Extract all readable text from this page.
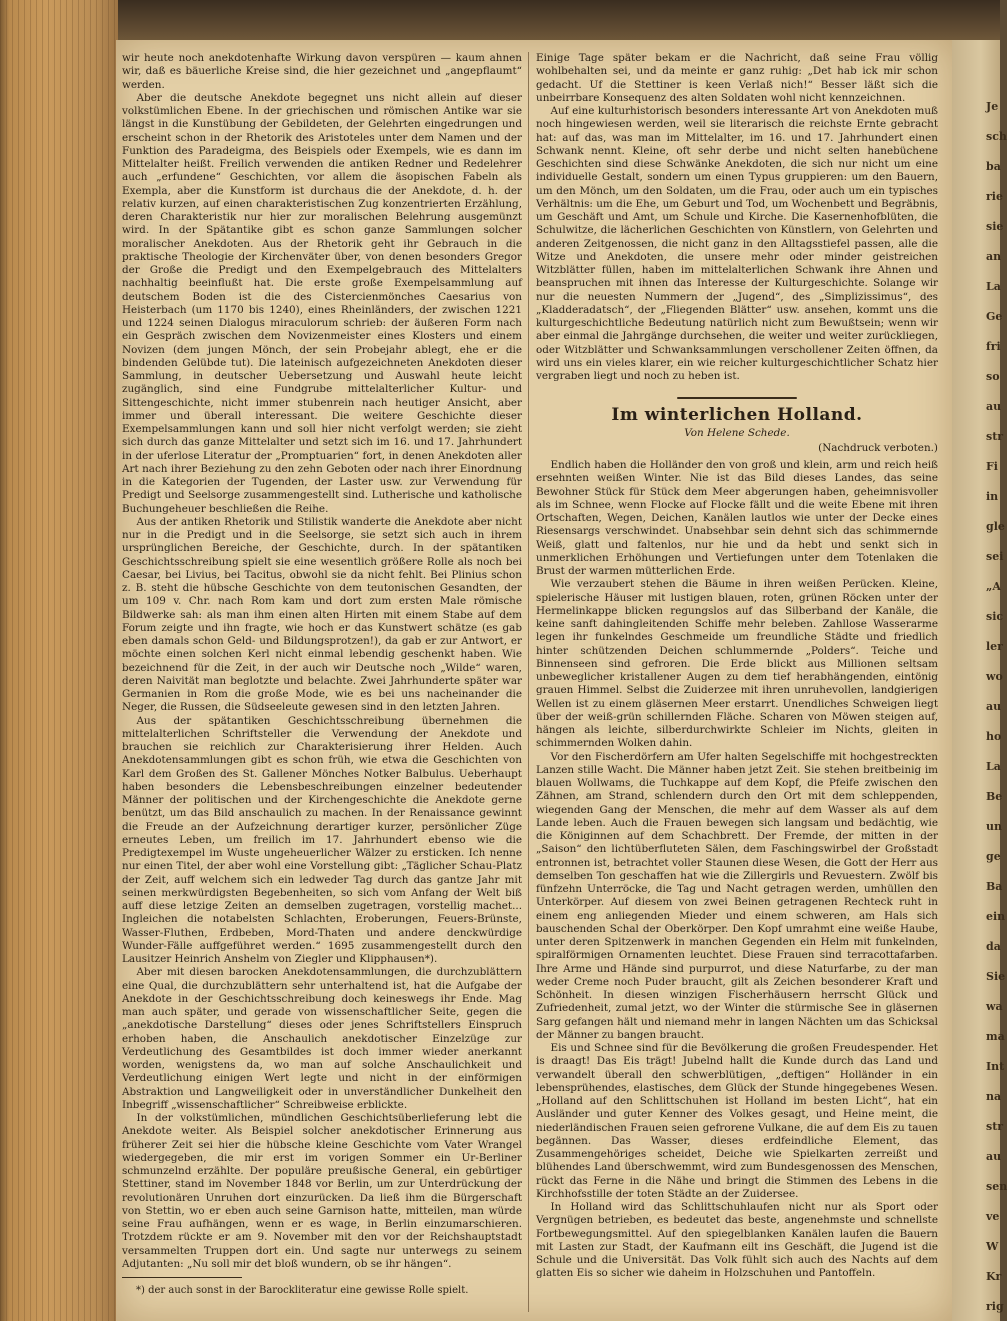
wir heute noch anekdotenhafte Wirkung davon verspüren — kaum ahnen wir, daß es bäuerliche Kreise sind, die hier gezeichnet und „angepflaumt“ werden.

Aber die deutsche Anekdote begegnet uns nicht allein auf dieser volkstümlichen Ebene. In der griechischen und römischen Antike war sie längst in die Kunstübung der Gebildeten, der Gelehrten eingedrungen und erscheint schon in der Rhetorik des Aristoteles unter dem Namen und der Funktion des Paradeigma, des Beispiels oder Exempels, wie es dann im Mittelalter heißt. Freilich verwenden die antiken Redner und Redelehrer auch „erfundene“ Geschichten, vor allem die äsopischen Fabeln als Exempla, aber die Kunstform ist durchaus die der Anekdote, d. h. der relativ kurzen, auf einen charakteristischen Zug konzentrierten Erzählung, deren Charakteristik nur hier zur moralischen Belehrung ausgemünzt wird. In der Spätantike gibt es schon ganze Sammlungen solcher moralischer Anekdoten. Aus der Rhetorik geht ihr Gebrauch in die praktische Theologie der Kirchenväter über, von denen besonders Gregor der Große die Predigt und den Exempelgebrauch des Mittelalters nachhaltig beeinflußt hat. Die erste große Exempelsammlung auf deutschem Boden ist die des Cistercienmönches Caesarius von Heisterbach (um 1170 bis 1240), eines Rheinländers, der zwischen 1221 und 1224 seinen Dialogus miraculorum schrieb: der äußeren Form nach ein Gespräch zwischen dem Novizenmeister eines Klosters und einem Novizen (dem jungen Mönch, der sein Probejahr ablegt, ehe er die bindenden Gelübde tut). Die lateinisch aufgezeichneten Anekdoten dieser Sammlung, in deutscher Uebersetzung und Auswahl heute leicht zugänglich, sind eine Fundgrube mittelalterlicher Kultur- und Sittengeschichte, nicht immer stubenrein nach heutiger Ansicht, aber immer und überall interessant. Die weitere Geschichte dieser Exempelsammlungen kann und soll hier nicht verfolgt werden; sie zieht sich durch das ganze Mittelalter und setzt sich im 16. und 17. Jahrhundert in der uferlose Literatur der „Promptuarien“ fort, in denen Anekdoten aller Art nach ihrer Beziehung zu den zehn Geboten oder nach ihrer Einordnung in die Kategorien der Tugenden, der Laster usw. zur Verwendung für Predigt und Seelsorge zusammengestellt sind. Lutherische und katholische Buchungeheuer beschließen die Reihe.

Aus der antiken Rhetorik und Stilistik wanderte die Anekdote aber nicht nur in die Predigt und in die Seelsorge, sie setzt sich auch in ihrem ursprünglichen Bereiche, der Geschichte, durch. In der spätantiken Geschichtsschreibung spielt sie eine wesentlich größere Rolle als noch bei Caesar, bei Livius, bei Tacitus, obwohl sie da nicht fehlt. Bei Plinius schon z. B. steht die hübsche Geschichte von dem teutonischen Gesandten, der um 109 v. Chr. nach Rom kam und dort zum ersten Male römische Bildwerke sah: als man ihm einen alten Hirten mit einem Stabe auf dem Forum zeigte und ihn fragte, wie hoch er das Kunstwert schätze (es gab eben damals schon Geld- und Bildungsprotzen!), da gab er zur Antwort, er möchte einen solchen Kerl nicht einmal lebendig geschenkt haben. Wie bezeichnend für die Zeit, in der auch wir Deutsche noch „Wilde“ waren, deren Naivität man beglotzte und belachte. Zwei Jahrhunderte später war Germanien in Rom die große Mode, wie es bei uns nacheinander die Neger, die Russen, die Südseeleute gewesen sind in den letzten Jahren.

Aus der spätantiken Geschichtsschreibung übernehmen die mittelalterlichen Schriftsteller die Verwendung der Anekdote und brauchen sie reichlich zur Charakterisierung ihrer Helden. Auch Anekdotensammlungen gibt es schon früh, wie etwa die Geschichten von Karl dem Großen des St. Gallener Mönches Notker Balbulus. Ueberhaupt haben besonders die Lebensbeschreibungen einzelner bedeutender Männer der politischen und der Kirchengeschichte die Anekdote gerne benützt, um das Bild anschaulich zu machen. In der Renaissance gewinnt die Freude an der Aufzeichnung derartiger kurzer, persönlicher Züge erneutes Leben, um freilich im 17. Jahrhundert ebenso wie die Predigtexempel im Wuste ungeheuerlicher Wälzer zu ersticken. Ich nenne nur einen Titel, der aber wohl eine Vorstellung gibt: „Täglicher Schau-Platz der Zeit, auff welchem sich ein ledweder Tag durch das gantze Jahr mit seinen merkwürdigsten Begebenheiten, so sich vom Anfang der Welt biß auff diese letzige Zeiten an demselben zugetragen, vorstellig machet... Ingleichen die notabelsten Schlachten, Eroberungen, Feuers-Brünste, Wasser-Fluthen, Erdbeben, Mord-Thaten und andere denckwürdige Wunder-Fälle auffgeführet werden.“ 1695 zusammengestellt durch den Lausitzer Heinrich Anshelm von Ziegler und Klipphausen*).

Aber mit diesen barocken Anekdotensammlungen, die durchzublättern eine Qual, die durchzublättern sehr unterhaltend ist, hat die Aufgabe der Anekdote in der Geschichtsschreibung doch keineswegs ihr Ende. Mag man auch später, und gerade von wissenschaftlicher Seite, gegen die „anekdotische Darstellung“ dieses oder jenes Schriftstellers Einspruch erhoben haben, die Anschaulich anekdotischer Einzelzüge zur Verdeutlichung des Gesamtbildes ist doch immer wieder anerkannt worden, wenigstens da, wo man auf solche Anschaulichkeit und Verdeutlichung einigen Wert legte und nicht in der einförmigen Abstraktion und Langweiligkeit oder in unverständlicher Dunkelheit den Inbegriff „wissenschaftlicher“ Schreibweise erblickte.

In der volkstümlichen, mündlichen Geschichtsüberlieferung lebt die Anekdote weiter. Als Beispiel solcher anekdotischer Erinnerung aus früherer Zeit sei hier die hübsche kleine Geschichte vom Vater Wrangel wiedergegeben, die mir erst im vorigen Sommer ein Ur-Berliner schmunzelnd erzählte. Der populäre preußische General, ein gebürtiger Stettiner, stand im November 1848 vor Berlin, um zur Unterdrückung der revolutionären Unruhen dort einzurücken. Da ließ ihm die Bürgerschaft von Stettin, wo er eben auch seine Garnison hatte, mitteilen, man würde seine Frau aufhängen, wenn er es wage, in Berlin einzumarschieren. Trotzdem rückte er am 9. November mit den vor der Reichshauptstadt versammelten Truppen dort ein. Und sagte nur unterwegs zu seinem Adjutanten: „Nu soll mir det bloß wundern, ob se ihr hängen“.

*) der auch sonst in der Barockliteratur eine gewisse Rolle spielt.

Einige Tage später bekam er die Nachricht, daß seine Frau völlig wohlbehalten sei, und da meinte er ganz ruhig: „Det hab ick mir schon gedacht. Uf die Stettiner is keen Verlaß nich!“ Besser läßt sich die unbeirrbare Konsequenz des alten Soldaten wohl nicht kennzeichnen.

Auf eine kulturhistorisch besonders interessante Art von Anekdoten muß noch hingewiesen werden, weil sie literarisch die reichste Ernte gebracht hat: auf das, was man im Mittelalter, im 16. und 17. Jahrhundert einen Schwank nennt. Kleine, oft sehr derbe und nicht selten hanebüchene Geschichten sind diese Schwänke Anekdoten, die sich nur nicht um eine individuelle Gestalt, sondern um einen Typus gruppieren: um den Bauern, um den Mönch, um den Soldaten, um die Frau, oder auch um ein typisches Verhältnis: um die Ehe, um Geburt und Tod, um Wochenbett und Begräbnis, um Geschäft und Amt, um Schule und Kirche. Die Kasernenhofblüten, die Schulwitze, die lächerlichen Geschichten von Künstlern, von Gelehrten und anderen Zeitgenossen, die nicht ganz in den Alltagsstiefel passen, alle die Witze und Anekdoten, die unsere mehr oder minder geistreichen Witzblätter füllen, haben im mittelalterlichen Schwank ihre Ahnen und beanspruchen mit ihnen das Interesse der Kulturgeschichte. Solange wir nur die neuesten Nummern der „Jugend“, des „Simplizissimus“, des „Kladderadatsch“, der „Fliegenden Blätter“ usw. ansehen, kommt uns die kulturgeschichtliche Bedeutung natürlich nicht zum Bewußtsein; wenn wir aber einmal die Jahrgänge durchsehen, die weiter und weiter zurückliegen, oder Witzblätter und Schwanksammlungen verschollener Zeiten öffnen, da wird uns ein vieles klarer, ein wie reicher kulturgeschichtlicher Schatz hier vergraben liegt und noch zu heben ist.

Im winterlichen Holland.
Von Helene Schede.
(Nachdruck verboten.)

Endlich haben die Holländer den von groß und klein, arm und reich heiß ersehnten weißen Winter. Nie ist das Bild dieses Landes, das seine Bewohner Stück für Stück dem Meer abgerungen haben, geheimnisvoller als im Schnee, wenn Flocke auf Flocke fällt und die weite Ebene mit ihren Ortschaften, Wegen, Deichen, Kanälen lautlos wie unter der Decke eines Riesensargs verschwindet. Unabsehbar sein dehnt sich das schimmernde Weiß, glatt und faltenlos, nur hie und da hebt und senkt sich in unmerklichen Erhöhungen und Vertiefungen unter dem Totenlaken die Brust der warmen mütterlichen Erde.

Wie verzaubert stehen die Bäume in ihren weißen Perücken. Kleine, spielerische Häuser mit lustigen blauen, roten, grünen Röcken unter der Hermelinkappe blicken regungslos auf das Silberband der Kanäle, die keine sanft dahingleitenden Schiffe mehr beleben. Zahllose Wasserarme legen ihr funkelndes Geschmeide um freundliche Städte und friedlich hinter schützenden Deichen schlummernde „Polders“. Teiche und Binnenseen sind gefroren. Die Erde blickt aus Millionen seltsam unbeweglicher kristallener Augen zu dem tief herabhängenden, eintönig grauen Himmel. Selbst die Zuiderzee mit ihren unruhevollen, landgierigen Wellen ist zu einem gläsernen Meer erstarrt. Unendliches Schweigen liegt über der weiß-grün schillernden Fläche. Scharen von Möwen steigen auf, hängen als leichte, silberdurchwirkte Schleier im Nichts, gleiten in schimmernden Wolken dahin.

Vor den Fischerdörfern am Ufer halten Segelschiffe mit hochgestreckten Lanzen stille Wacht. Die Männer haben jetzt Zeit. Sie stehen breitbeinig im blauen Wollwams, die Tuchkappe auf dem Kopf, die Pfeife zwischen den Zähnen, am Strand, schlendern durch den Ort mit dem schleppenden, wiegenden Gang der Menschen, die mehr auf dem Wasser als auf dem Lande leben. Auch die Frauen bewegen sich langsam und bedächtig, wie die Königinnen auf dem Schachbrett. Der Fremde, der mitten in der „Saison“ den lichtüberfluteten Sälen, dem Faschingswirbel der Großstadt entronnen ist, betrachtet voller Staunen diese Wesen, die Gott der Herr aus demselben Ton geschaffen hat wie die Zillergirls und Revuestern. Zwölf bis fünfzehn Unterröcke, die Tag und Nacht getragen werden, umhüllen den Unterkörper. Auf diesem von zwei Beinen getragenen Rechteck ruht in einem eng anliegenden Mieder und einem schweren, am Hals sich bauschenden Schal der Oberkörper. Den Kopf umrahmt eine weiße Haube, unter deren Spitzenwerk in manchen Gegenden ein Helm mit funkelnden, spiralförmigen Ornamenten leuchtet. Diese Frauen sind terracottafarben. Ihre Arme und Hände sind purpurrot, und diese Naturfarbe, zu der man weder Creme noch Puder braucht, gilt als Zeichen besonderer Kraft und Schönheit. In diesen winzigen Fischerhäusern herrscht Glück und Zufriedenheit, zumal jetzt, wo der Winter die stürmische See in gläsernen Sarg gefangen hält und niemand mehr in langen Nächten um das Schicksal der Männer zu bangen braucht.

Eis und Schnee sind für die Bevölkerung die großen Freudespender. Het is draagt! Das Eis trägt! Jubelnd hallt die Kunde durch das Land und verwandelt überall den schwerblütigen, „deftigen“ Holländer in ein lebensprühendes, elastisches, dem Glück der Stunde hingegebenes Wesen. „Holland auf den Schlittschuhen ist Holland im besten Licht“, hat ein Ausländer und guter Kenner des Volkes gesagt, und Heine meint, die niederländischen Frauen seien gefrorene Vulkane, die auf dem Eis zu tauen begännen. Das Wasser, dieses erdfeindliche Element, das Zusammengehöriges scheidet, Deiche wie Spielkarten zerreißt und blühendes Land überschwemmt, wird zum Bundesgenossen des Menschen, rückt das Ferne in die Nähe und bringt die Stimmen des Lebens in die Kirchhofsstille der toten Städte an der Zuidersee.

In Holland wird das Schlittschuhlaufen nicht nur als Sport oder Vergnügen betrieben, es bedeutet das beste, angenehmste und schnellste Fortbewegungsmittel. Auf den spiegelblanken Kanälen laufen die Bauern mit Lasten zur Stadt, der Kaufmann eilt ins Geschäft, die Jugend ist die Schule und die Universität. Das Volk fühlt sich auch des Nachts auf dem glatten Eis so sicher wie daheim in Holzschuhen und Pantoffeln.

Je
sch
ba
rie
sie
an
La
Ge
fri
so
au
str
Fi
in
gle
sei
„A
sic
ler
wo
au
ho
La
Be
un
ge
Ba
ein
da
Sie
wa
ma
Int
na
str
au
sen
ve
W
Kr
rig
